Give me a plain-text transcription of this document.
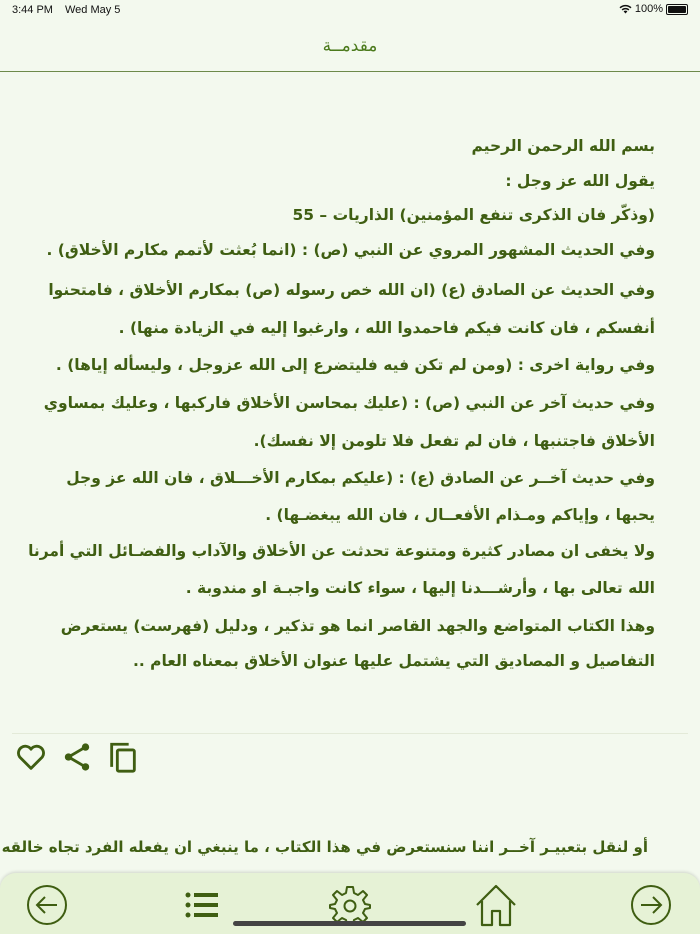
3:44 PM Wed May 5	100%
مقدمــة
بسم الله الرحمن الرحيم
يقول الله عز وجل :
(وذكّر فان الذكرى تنفع المؤمنين) الذاريات – 55
وفي الحديث المشهور المروي عن النبي (ص) : (انما بُعثت لأتمم مكارم الأخلاق) .
وفي الحديث عن الصادق (ع) (ان الله خص رسوله (ص) بمكارم الأخلاق ، فامتحنوا
أنفسكم ، فان كانت فيكم فاحمدوا الله ، وارغبوا إليه في الزيادة منها) .
وفي رواية اخرى : (ومن لم تكن فيه فليتضرع إلى الله عزوجل ، وليسأله إياها) .
وفي حديث آخر عن النبي (ص) : (عليك بمحاسن الأخلاق فاركبها ، وعليك بمساوي
الأخلاق فاجتنبها ، فان لم تفعل فلا تلومن إلا نفسك).
وفي حديث آخــر عن الصادق (ع) : (عليكم بمكارم الأخـــلاق ، فان الله عز وجل
يحبها ، وإياكم ومـذام الأفعــال ، فان الله يبغضـها) .
ولا يخفى ان مصادر كثيرة ومتنوعة تحدثت عن الأخلاق والآداب والفضـائل التي أمرنا
الله تعالى بها ، وأرشـــدنا إليها ، سواء كانت واجبـة او مندوبة .
وهذا الكتاب المتواضع والجهد القاصر انما هو تذكير ، ودليل (فهرست) يستعرض
التفاصيل و المصاديق التي يشتمل عليها عنوان الأخلاق بمعناه العام ..
أو لنقل بتعبيـر آخــر اننا سنستعرض في هذا الكتاب ، ما ينبغي ان يفعله الفرد تجاه خالقه
